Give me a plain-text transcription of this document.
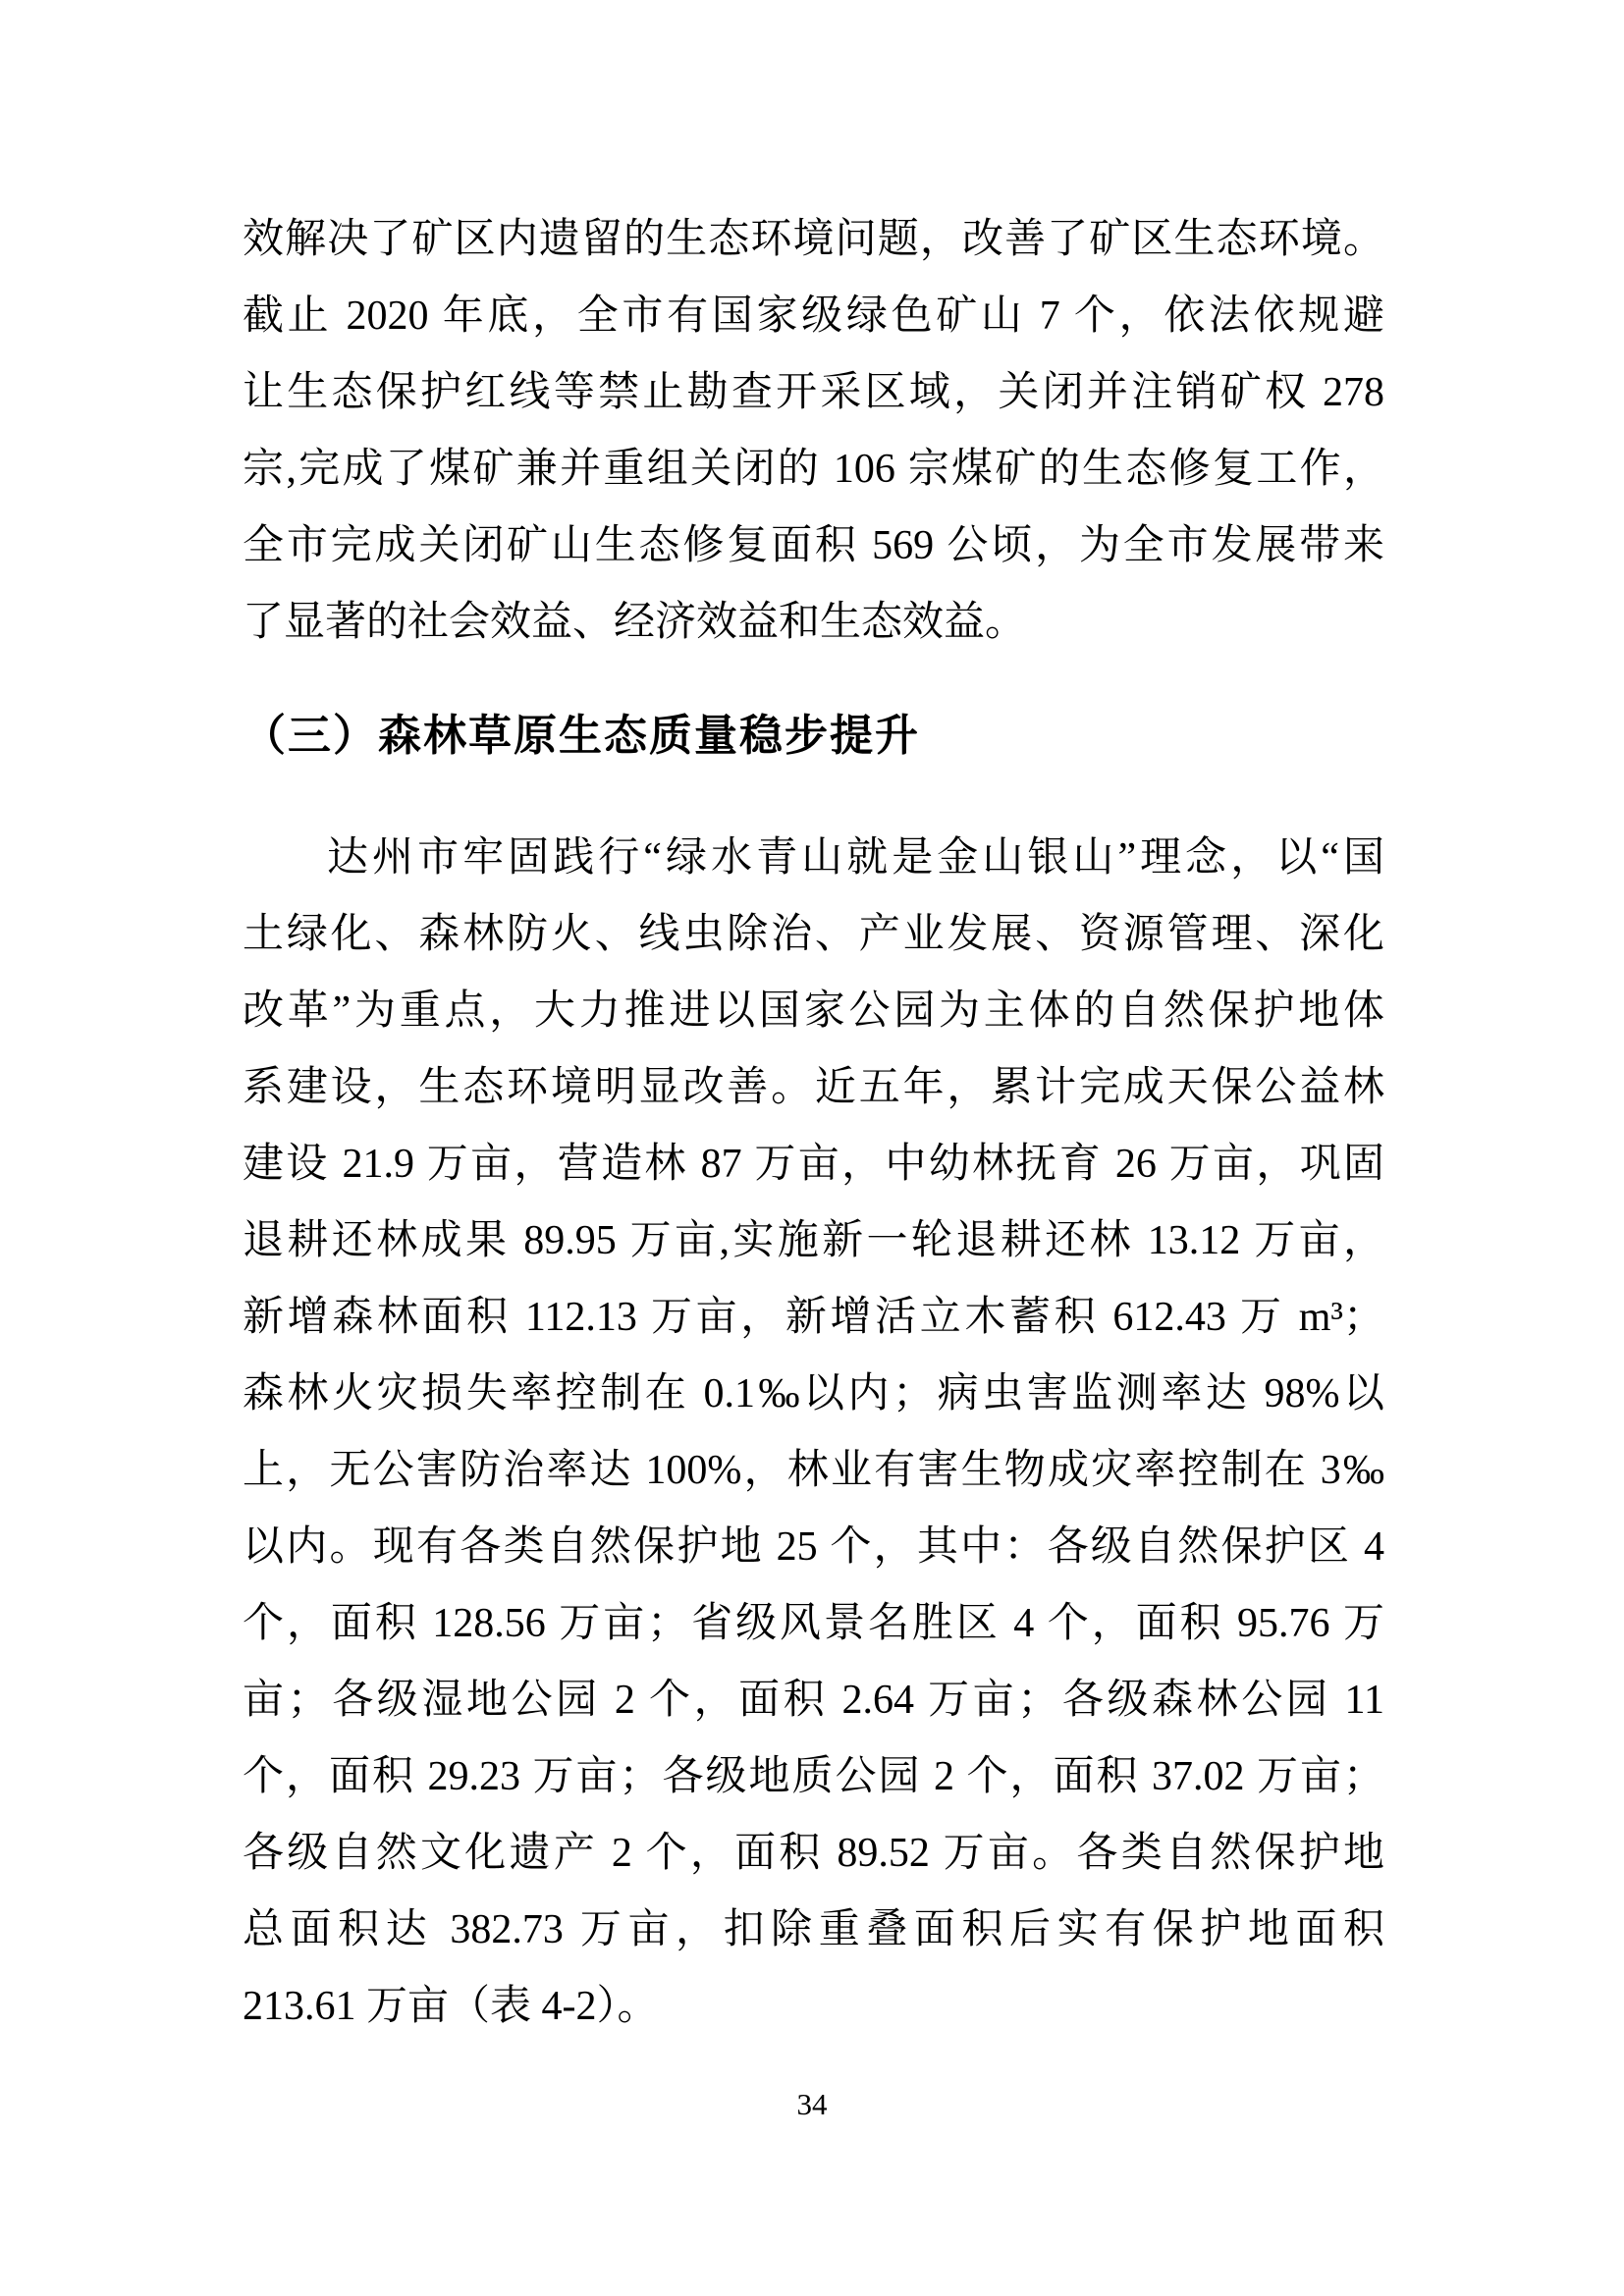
效解决了矿区内遗留的生态环境问题，改善了矿区生态环境。
截止 2020 年底，全市有国家级绿色矿山 7 个，依法依规避
让生态保护红线等禁止勘查开采区域，关闭并注销矿权 278
宗,完成了煤矿兼并重组关闭的 106 宗煤矿的生态修复工作，
全市完成关闭矿山生态修复面积 569 公顷，为全市发展带来
了显著的社会效益、经济效益和生态效益。
（三）森林草原生态质量稳步提升
达州市牢固践行“绿水青山就是金山银山”理念，以“国
土绿化、森林防火、线虫除治、产业发展、资源管理、深化
改革”为重点，大力推进以国家公园为主体的自然保护地体
系建设，生态环境明显改善。近五年，累计完成天保公益林
建设 21.9 万亩，营造林 87 万亩，中幼林抚育 26 万亩，巩固
退耕还林成果 89.95 万亩,实施新一轮退耕还林 13.12 万亩，
新增森林面积 112.13 万亩，新增活立木蓄积 612.43 万 m³；
森林火灾损失率控制在 0.1‰以内；病虫害监测率达 98%以
上，无公害防治率达 100%，林业有害生物成灾率控制在 3‰
以内。现有各类自然保护地 25 个，其中：各级自然保护区 4
个，面积 128.56 万亩；省级风景名胜区 4 个，面积 95.76 万
亩；各级湿地公园 2 个，面积 2.64 万亩；各级森林公园 11
个，面积 29.23 万亩；各级地质公园 2 个，面积 37.02 万亩；
各级自然文化遗产 2 个，面积 89.52 万亩。各类自然保护地
总面积达 382.73 万亩，扣除重叠面积后实有保护地面积
213.61 万亩（表 4-2）。
34
